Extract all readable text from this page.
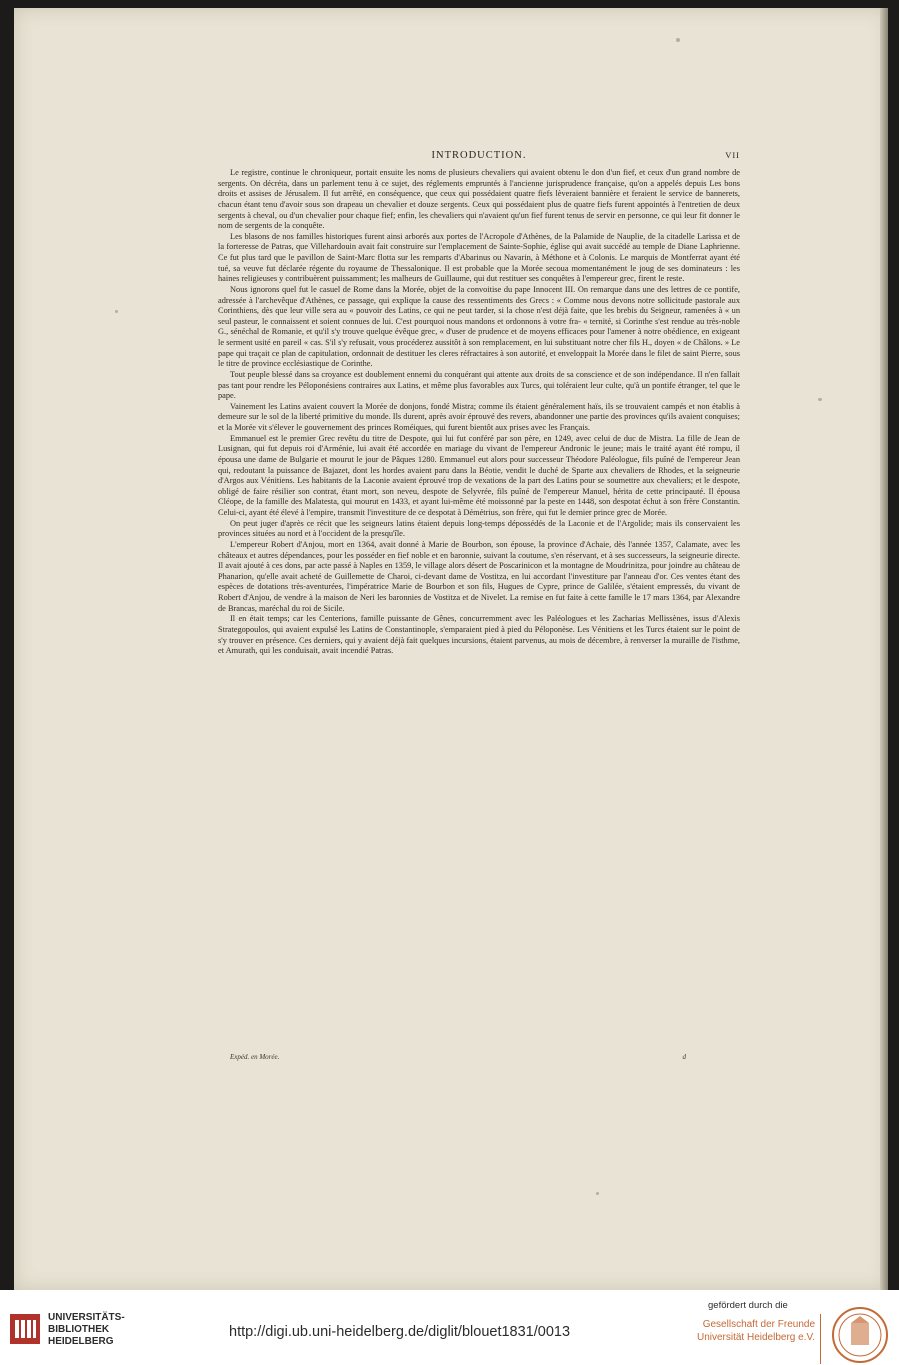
INTRODUCTION.	VII

Le registre, continue le chroniqueur, portait ensuite les noms de plusieurs chevaliers qui avaient obtenu le don d'un fief, et ceux d'un grand nombre de sergents. On décréta, dans un parlement tenu à ce sujet, des réglements empruntés à l'ancienne jurisprudence française, qu'on a appelés depuis Les bons droits et assises de Jérusalem. Il fut arrêté, en conséquence, que ceux qui possédaient quatre fiefs lèveraient bannière et feraient le service de bannerets, chacun étant tenu d'avoir sous son drapeau un chevalier et douze sergents. Ceux qui possédaient plus de quatre fiefs furent appointés à l'entretien de deux sergents à cheval, ou d'un chevalier pour chaque fief; enfin, les chevaliers qui n'avaient qu'un fief furent tenus de servir en personne, ce qui leur fit donner le nom de sergents de la conquête.

Les blasons de nos familles historiques furent ainsi arborés aux portes de l'Acropole d'Athènes, de la Palamide de Nauplie, de la citadelle Larissa et de la forteresse de Patras, que Villehardouin avait fait construire sur l'emplacement de Sainte-Sophie, église qui avait succédé au temple de Diane Laphrienne. Ce fut plus tard que le pavillon de Saint-Marc flotta sur les remparts d'Abarinus ou Navarin, à Méthone et à Colonis. Le marquis de Montferrat ayant été tué, sa veuve fut déclarée régente du royaume de Thessalonique. Il est probable que la Morée secoua momentanément le joug de ses dominateurs : les haines religieuses y contribuèrent puissamment; les malheurs de Guillaume, qui dut restituer ses conquêtes à l'empereur grec, firent le reste.

Nous ignorons quel fut le casuel de Rome dans la Morée, objet de la convoitise du pape Innocent III. On remarque dans une des lettres de ce pontife, adressée à l'archevêque d'Athènes, ce passage, qui explique la cause des ressentiments des Grecs : « Comme nous devons notre sollicitude pastorale aux Corinthiens, dès que leur ville sera au « pouvoir des Latins, ce qui ne peut tarder, si la chose n'est déjà faite, que les brebis du Seigneur, ramenées à « un seul pasteur, le connaissent et soient connues de lui. C'est pourquoi nous mandons et ordonnons à votre fra- « ternité, si Corinthe s'est rendue au très-noble G., sénéchal de Romanie, et qu'il s'y trouve quelque évêque grec, « d'user de prudence et de moyens efficaces pour l'amener à notre obédience, en exigeant le serment usité en pareil « cas. S'il s'y refusait, vous procéderez aussitôt à son remplacement, en lui substituant notre cher fils H., doyen « de Châlons. » Le pape qui traçait ce plan de capitulation, ordonnait de destituer les cleres réfractaires à son autorité, et enveloppait la Morée dans le filet de saint Pierre, sous le titre de province ecclésiastique de Corinthe.

Tout peuple blessé dans sa croyance est doublement ennemi du conquérant qui attente aux droits de sa conscience et de son indépendance. Il n'en fallait pas tant pour rendre les Péloponésiens contraires aux Latins, et même plus favorables aux Turcs, qui toléraient leur culte, qu'à un pontife étranger, tel que le pape.

Vainement les Latins avaient couvert la Morée de donjons, fondé Mistra; comme ils étaient généralement haïs, ils se trouvaient campés et non établis à demeure sur le sol de la liberté primitive du monde. Ils durent, après avoir éprouvé des revers, abandonner une partie des provinces qu'ils avaient conquises; et la Morée vit s'élever le gouvernement des princes Roméiques, qui furent bientôt aux prises avec les Français.

Emmanuel est le premier Grec revêtu du titre de Despote, qui lui fut conféré par son père, en 1249, avec celui de duc de Mistra. La fille de Jean de Lusignan, qui fut depuis roi d'Arménie, lui avait été accordée en mariage du vivant de l'empereur Andronic le jeune; mais le traité ayant été rompu, il épousa une dame de Bulgarie et mourut le jour de Pâques 1280. Emmanuel eut alors pour successeur Théodore Paléologue, fils puîné de l'empereur Jean qui, redoutant la puissance de Bajazet, dont les hordes avaient paru dans la Béotie, vendit le duché de Sparte aux chevaliers de Rhodes, et la seigneurie d'Argos aux Vénitiens. Les habitants de la Laconie avaient éprouvé trop de vexations de la part des Latins pour se soumettre aux chevaliers; et le despote, obligé de faire résilier son contrat, étant mort, son neveu, despote de Selyvrée, fils puîné de l'empereur Manuel, hérita de cette principauté. Il épousa Cléope, de la famille des Malatesta, qui mourut en 1433, et ayant lui-même été moissonné par la peste en 1448, son despotat échut à son frère Constantin. Celui-ci, ayant été élevé à l'empire, transmit l'investiture de ce despotat à Démétrius, son frère, qui fut le dernier prince grec de Morée.

On peut juger d'après ce récit que les seigneurs latins étaient depuis long-temps dépossédés de la Laconie et de l'Argolide; mais ils conservaient les provinces situées au nord et à l'occident de la presqu'île.

L'empereur Robert d'Anjou, mort en 1364, avait donné à Marie de Bourbon, son épouse, la province d'Achaie, dès l'année 1357, Calamate, avec les châteaux et autres dépendances, pour les posséder en fief noble et en baronnie, suivant la coutume, s'en réservant, et à ses successeurs, la seigneurie directe. Il avait ajouté à ces dons, par acte passé à Naples en 1359, le village alors désert de Poscarinicon et la montagne de Moudrinitza, pour joindre au château de Phanarion, qu'elle avait acheté de Guillemette de Charoi, ci-devant dame de Vostitza, en lui accordant l'investiture par l'anneau d'or. Ces ventes étant des espèces de dotations très-aventurées, l'impératrice Marie de Bourbon et son fils, Hugues de Cypre, prince de Galilée, s'étaient empressés, du vivant de Robert d'Anjou, de vendre à la maison de Neri les baronnies de Vostitza et de Nivelet. La remise en fut faite à cette famille le 17 mars 1364, par Alexandre de Brancas, maréchal du roi de Sicile.

Il en était temps; car les Centerions, famille puissante de Gênes, concurremment avec les Paléologues et les Zacharias Mellissènes, issus d'Alexis Strategopoulos, qui avaient expulsé les Latins de Constantinople, s'emparaient pied à pied du Péloponèse. Les Vénitiens et les Turcs étaient sur le point de s'y trouver en présence. Ces derniers, qui y avaient déjà fait quelques incursions, étaient parvenus, au mois de décembre, à renverser la muraille de l'isthme, et Amurath, qui les conduisait, avait incendié Patras.

Expéd. en Morée.	d
UNIVERSITÄTS-
BIBLIOTHEK
HEIDELBERG
gefördert durch die
Gesellschaft der Freunde
Universität Heidelberg e.V.
http://digi.ub.uni-heidelberg.de/diglit/blouet1831/0013
